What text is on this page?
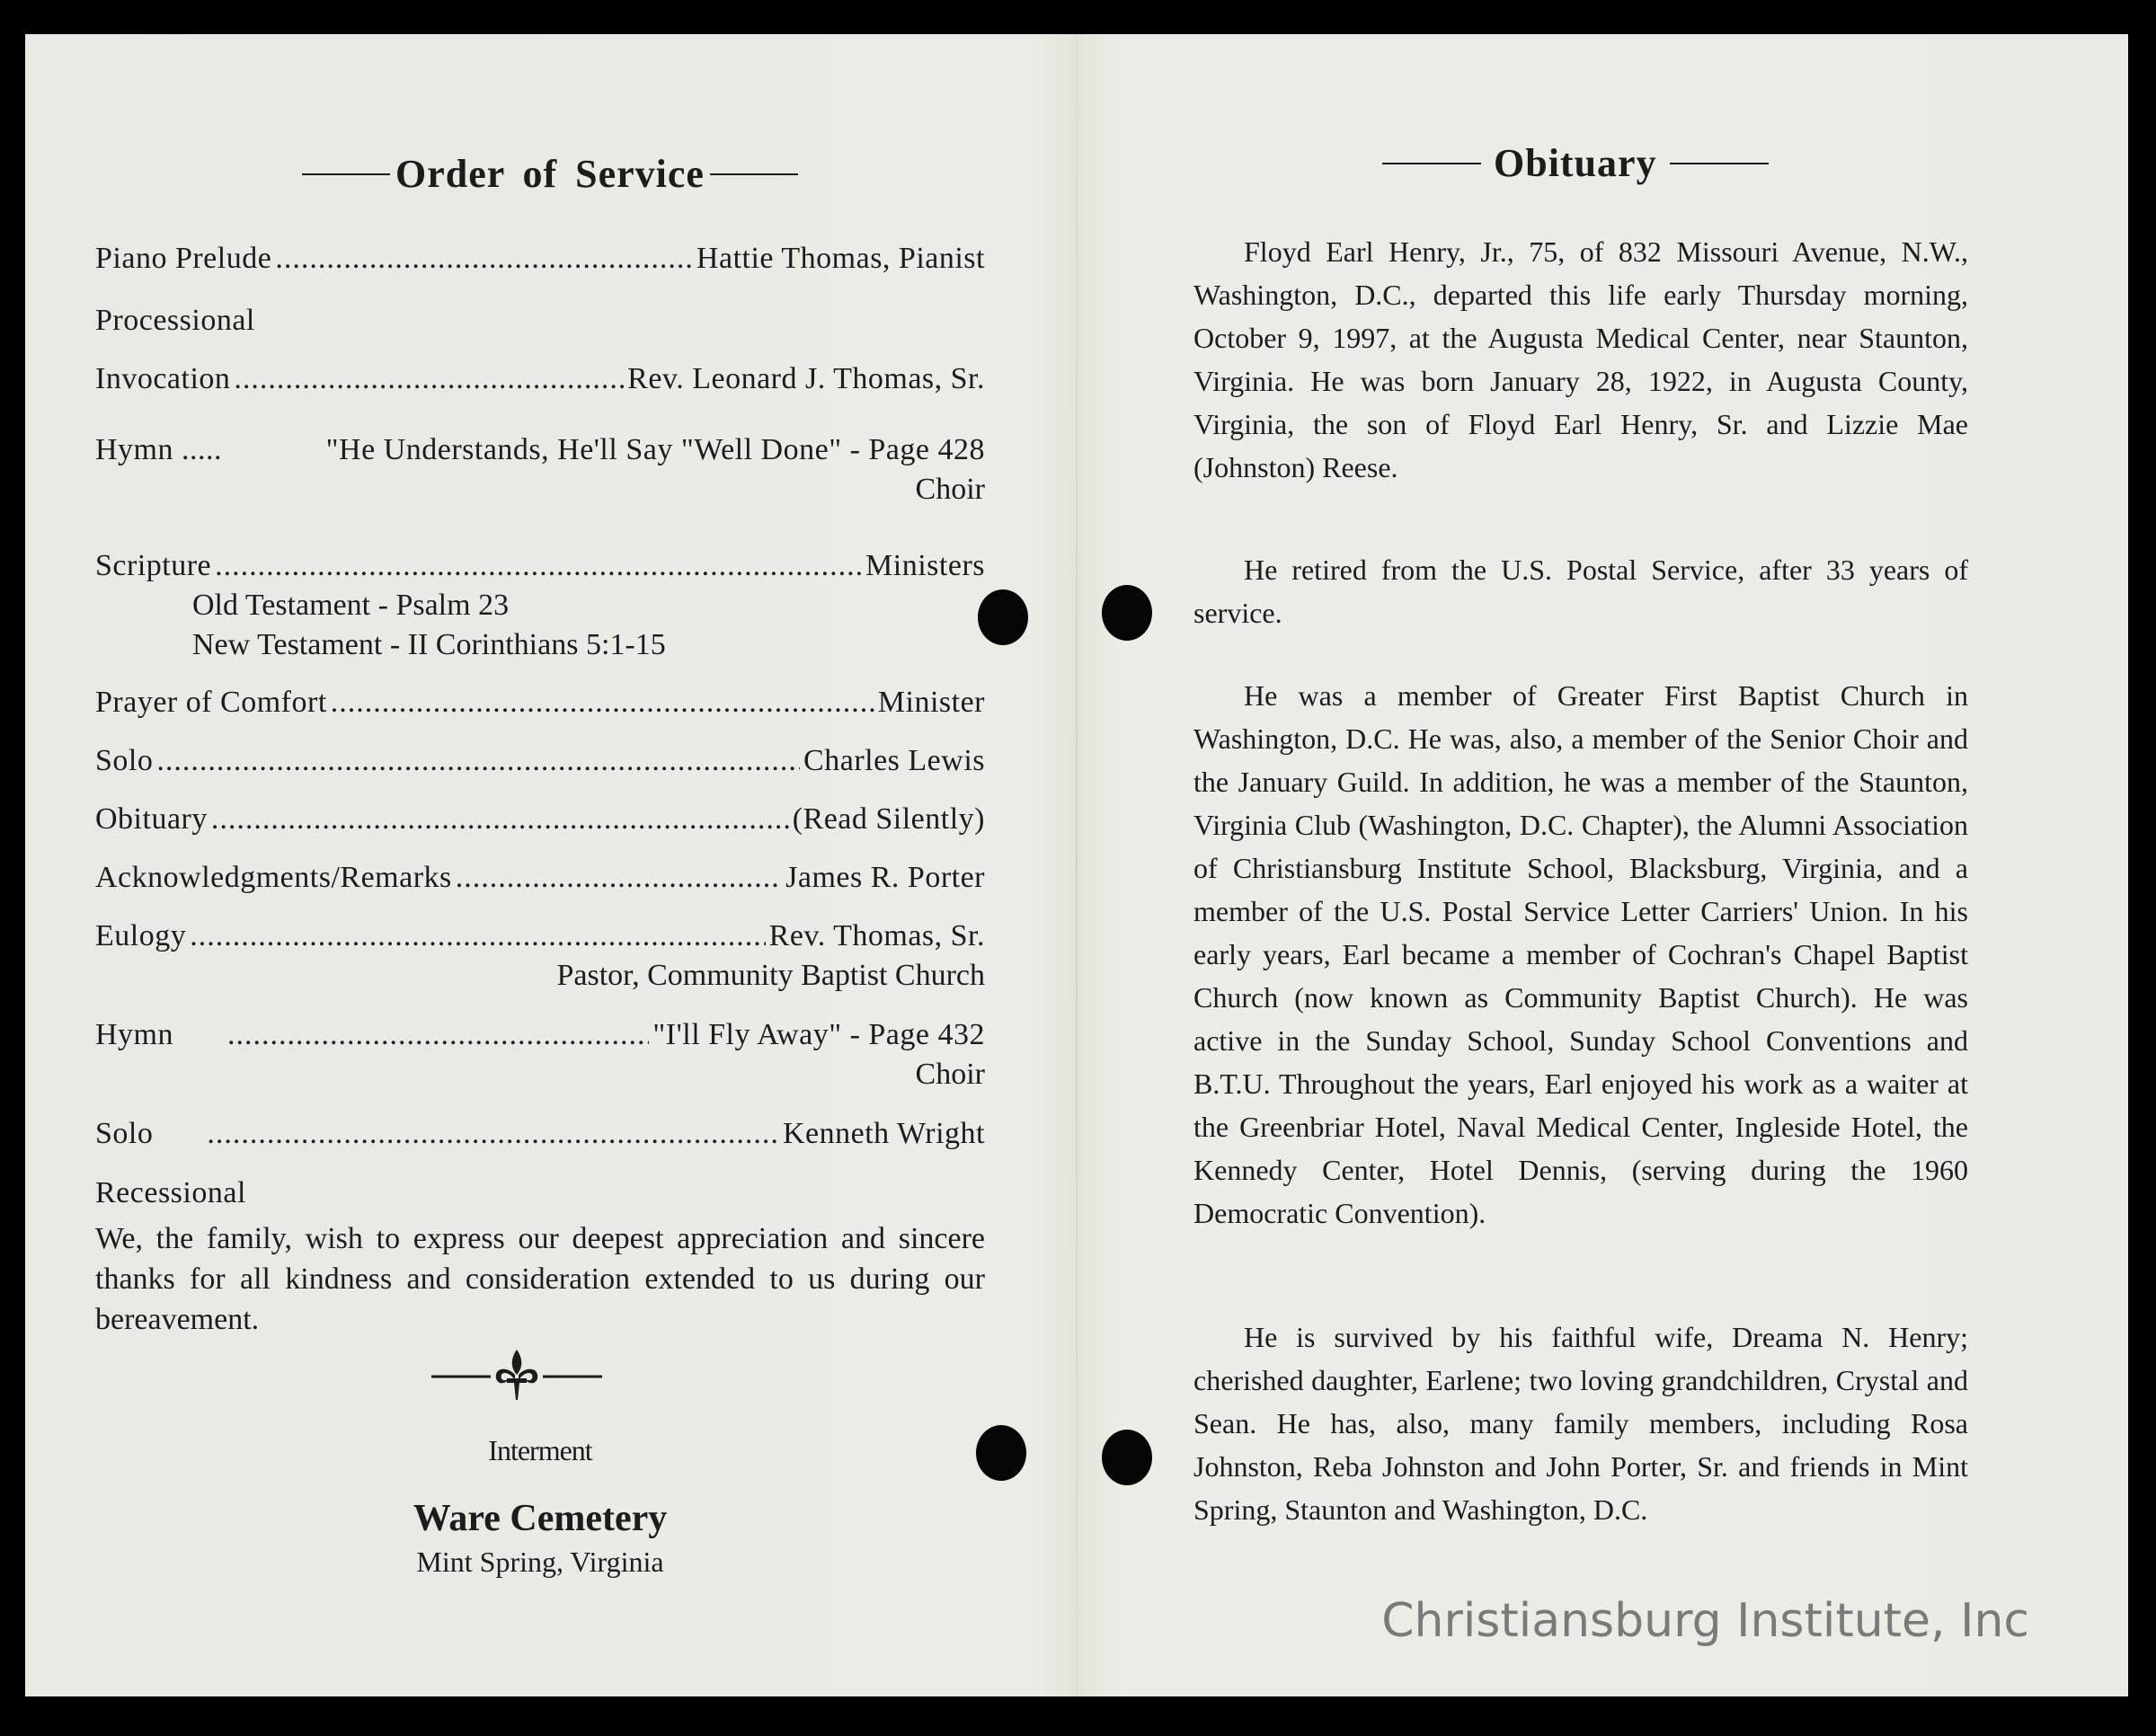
Order of Service
Piano Prelude .....	Hattie Thomas, Pianist
Processional
Invocation .....	Rev. Leonard J. Thomas, Sr.
Hymn .....
	"He Understands, He'll Say "Well Done" - Page 428
Choir
Scripture .....	Ministers
Old Testament - Psalm 23
New Testament - II Corinthians 5:1-15
Prayer of Comfort .....	Minister
Solo .....	Charles Lewis
Obituary .....	(Read Silently)
Acknowledgments/Remarks .....	James R. Porter
Eulogy .....	Rev. Thomas, Sr.
Pastor, Community Baptist Church
Hymn .....	"I'll Fly Away" - Page 432
Choir
Solo .....	Kenneth Wright
Recessional
We, the family, wish to express our deepest appreciation and sincere thanks for all kindness and consideration extended to us during our bereavement.
Interment
Ware Cemetery
Mint Spring, Virginia
Obituary
Floyd Earl Henry, Jr., 75, of 832 Missouri Avenue, N.W., Washington, D.C., departed this life early Thursday morning, October 9, 1997, at the Augusta Medical Center, near Staunton, Virginia. He was born January 28, 1922, in Augusta County, Virginia, the son of Floyd Earl Henry, Sr. and Lizzie Mae (Johnston) Reese.
He retired from the U.S. Postal Service, after 33 years of service.
He was a member of Greater First Baptist Church in Washington, D.C. He was, also, a member of the Senior Choir and the January Guild. In addition, he was a member of the Staunton, Virginia Club (Washington, D.C. Chapter), the Alumni Association of Christiansburg Institute School, Blacksburg, Virginia, and a member of the U.S. Postal Service Letter Carriers' Union. In his early years, Earl became a member of Cochran's Chapel Baptist Church (now known as Community Baptist Church). He was active in the Sunday School, Sunday School Conventions and B.T.U. Throughout the years, Earl enjoyed his work as a waiter at the Greenbriar Hotel, Naval Medical Center, Ingleside Hotel, the Kennedy Center, Hotel Dennis, (serving during the 1960 Democratic Convention).
He is survived by his faithful wife, Dreama N. Henry; cherished daughter, Earlene; two loving grandchildren, Crystal and Sean. He has, also, many family members, including Rosa Johnston, Reba Johnston and John Porter, Sr. and friends in Mint Spring, Staunton and Washington, D.C.
Christiansburg Institute, Inc
